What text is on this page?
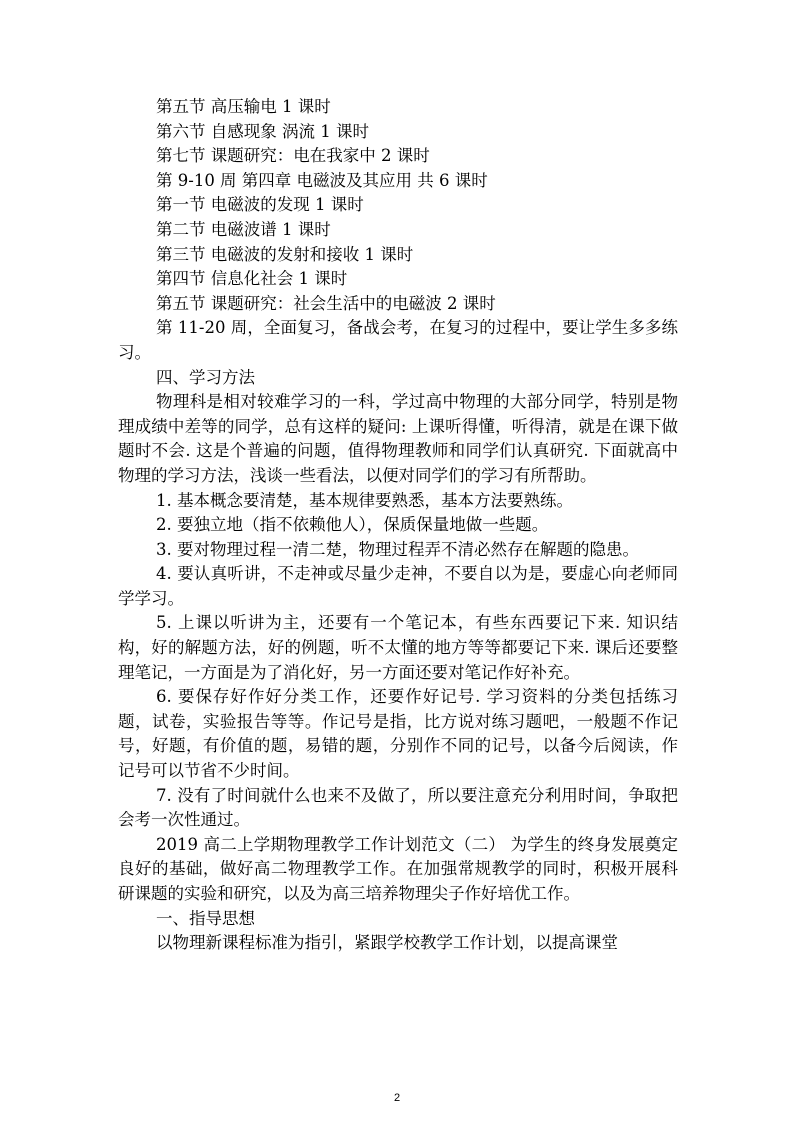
第五节 高压输电 1 课时
第六节 自感现象 涡流 1 课时
第七节 课题研究：电在我家中 2 课时
第 9-10 周 第四章 电磁波及其应用 共 6 课时
第一节 电磁波的发现 1 课时
第二节 电磁波谱 1 课时
第三节 电磁波的发射和接收 1 课时
第四节 信息化社会 1 课时
第五节 课题研究：社会生活中的电磁波 2 课时
第 11-20 周，全面复习，备战会考，在复习的过程中，要让学生多多练习。
四、学习方法
物理科是相对较难学习的一科，学过高中物理的大部分同学，特别是物理成绩中差等的同学，总有这样的疑问: 上课听得懂，听得清，就是在课下做题时不会. 这是个普遍的问题，值得物理教师和同学们认真研究. 下面就高中物理的学习方法，浅谈一些看法，以便对同学们的学习有所帮助。
1. 基本概念要清楚，基本规律要熟悉，基本方法要熟练。
2. 要独立地（指不依赖他人），保质保量地做一些题。
3. 要对物理过程一清二楚，物理过程弄不清必然存在解题的隐患。
4. 要认真听讲，不走神或尽量少走神，不要自以为是，要虚心向老师同学学习。
5. 上课以听讲为主，还要有一个笔记本，有些东西要记下来. 知识结构，好的解题方法，好的例题，听不太懂的地方等等都要记下来. 课后还要整理笔记，一方面是为了消化好，另一方面还要对笔记作好补充。
6. 要保存好作好分类工作，还要作好记号. 学习资料的分类包括练习题，试卷，实验报告等等。作记号是指，比方说对练习题吧，一般题不作记号，好题，有价值的题，易错的题，分别作不同的记号，以备今后阅读，作记号可以节省不少时间。
7. 没有了时间就什么也来不及做了，所以要注意充分利用时间，争取把会考一次性通过。
2019 高二上学期物理教学工作计划范文（二） 为学生的终身发展奠定良好的基础，做好高二物理教学工作。在加强常规教学的同时，积极开展科研课题的实验和研究，以及为高三培养物理尖子作好培优工作。
一、指导思想
以物理新课程标准为指引，紧跟学校教学工作计划，以提高课堂
2
